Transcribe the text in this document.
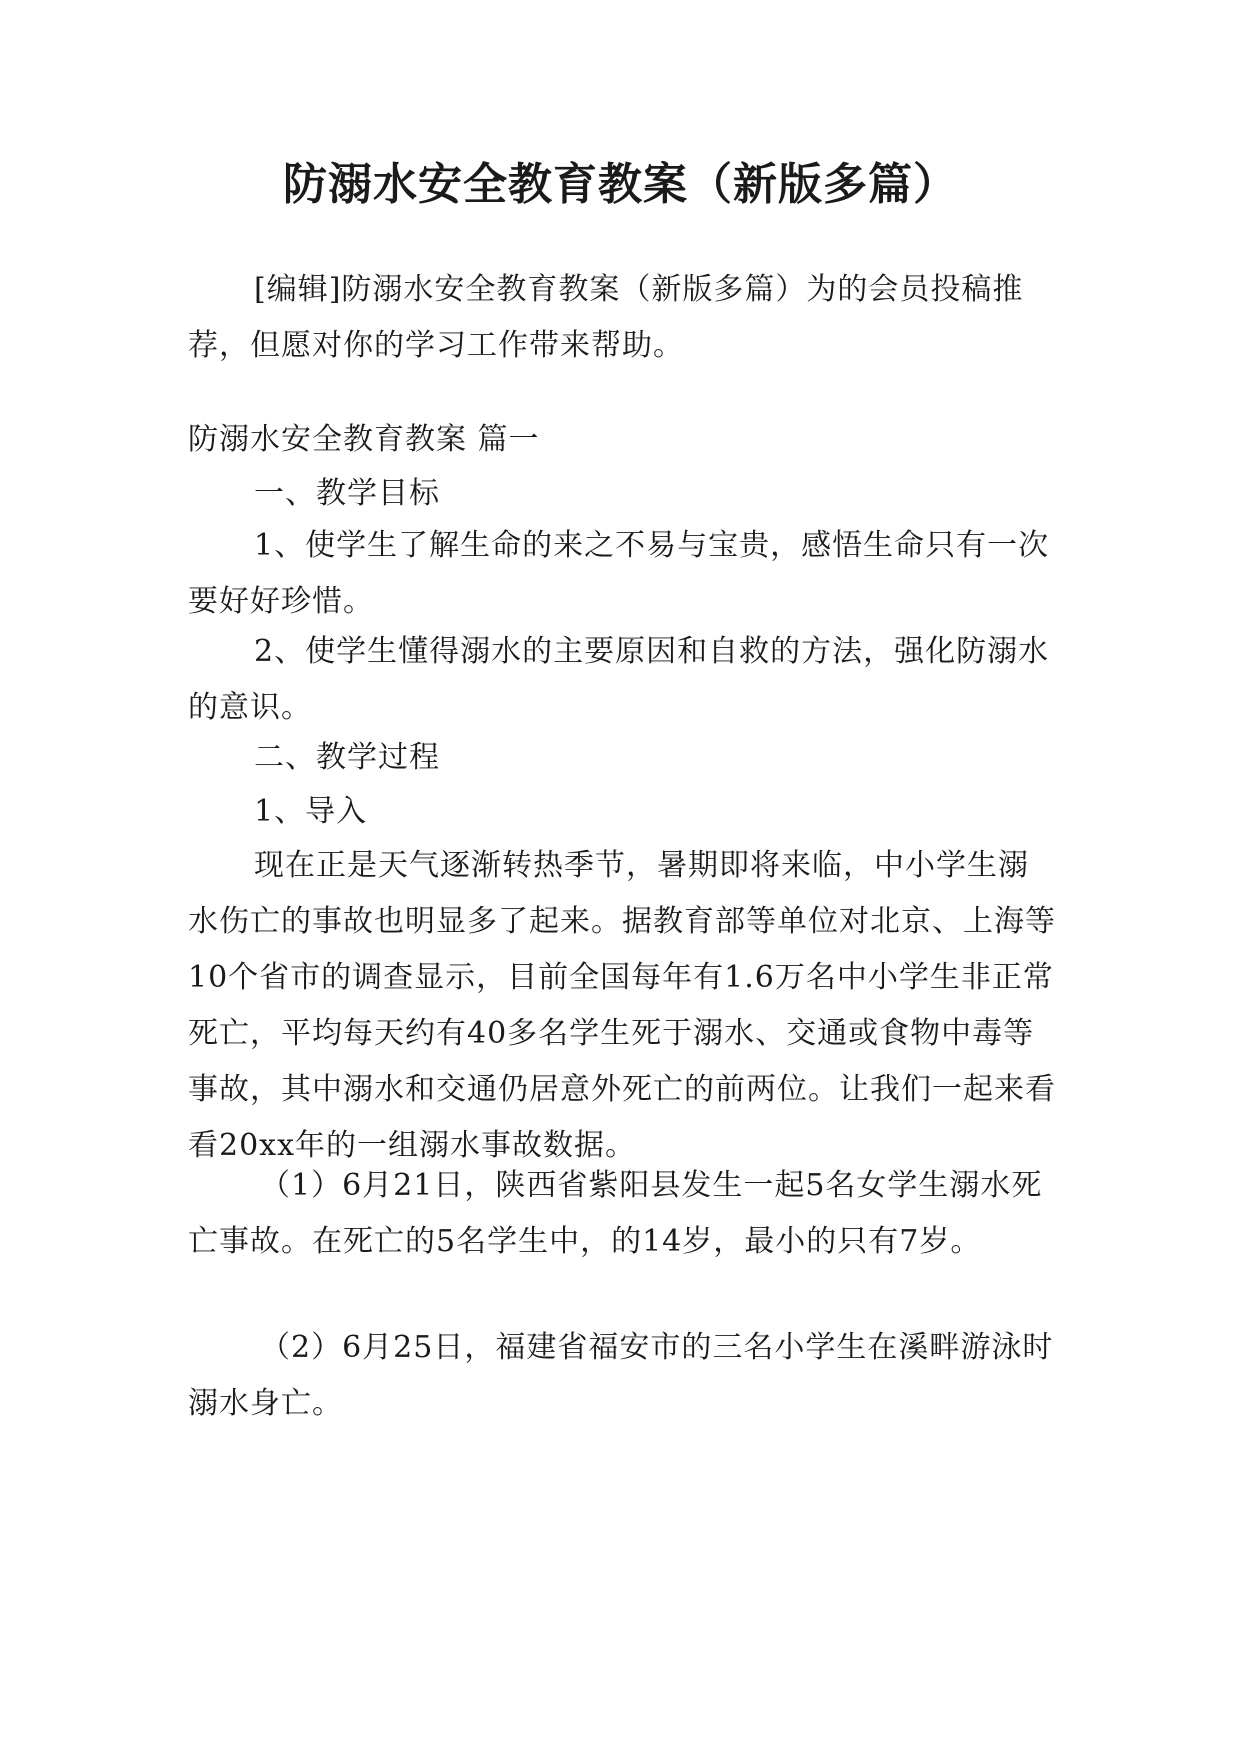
防溺水安全教育教案（新版多篇）

[编辑]防溺水安全教育教案（新版多篇）为的会员投稿推荐，但愿对你的学习工作带来帮助。

防溺水安全教育教案 篇一

一、教学目标

1、使学生了解生命的来之不易与宝贵，感悟生命只有一次要好好珍惜。

2、使学生懂得溺水的主要原因和自救的方法，强化防溺水的意识。

二、教学过程

1、导入

现在正是天气逐渐转热季节，暑期即将来临，中小学生溺水伤亡的事故也明显多了起来。据教育部等单位对北京、上海等10个省市的调查显示，目前全国每年有1.6万名中小学生非正常死亡，平均每天约有40多名学生死于溺水、交通或食物中毒等事故，其中溺水和交通仍居意外死亡的前两位。让我们一起来看看20xx年的一组溺水事故数据。

（1）6月21日，陕西省紫阳县发生一起5名女学生溺水死亡事故。在死亡的5名学生中，的14岁，最小的只有7岁。

（2）6月25日，福建省福安市的三名小学生在溪畔游泳时溺水身亡。
